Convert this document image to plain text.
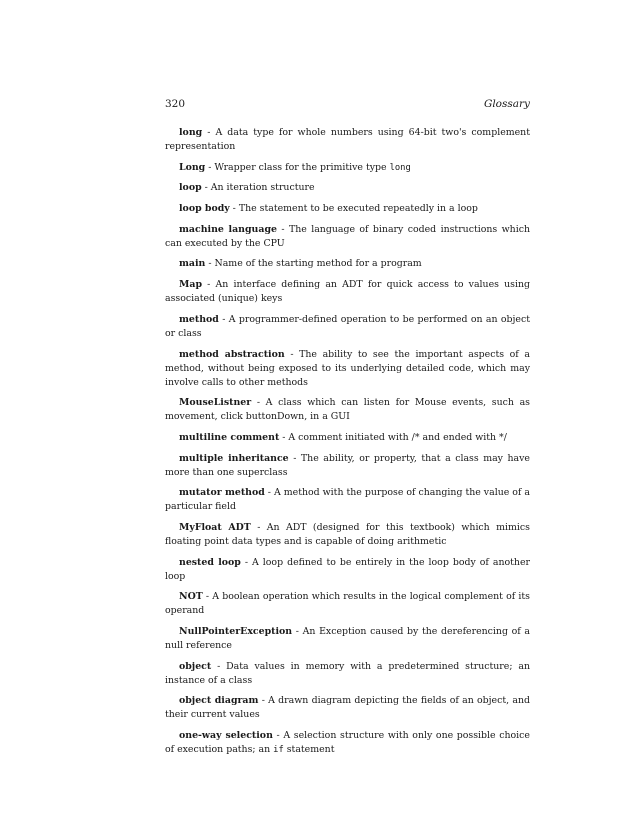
320	Glossary

long - A data type for whole numbers using 64-bit two's complement representation

Long - Wrapper class for the primitive type long

loop - An iteration structure

loop body - The statement to be executed repeatedly in a loop

machine language - The language of binary coded instructions which can executed by the CPU

main - Name of the starting method for a program

Map - An interface defining an ADT for quick access to values using associated (unique) keys

method - A programmer-defined operation to be performed on an object or class

method abstraction - The ability to see the important aspects of a method, without being exposed to its underlying detailed code, which may involve calls to other methods

MouseListner - A class which can listen for Mouse events, such as movement, click buttonDown, in a GUI

multiline comment - A comment initiated with /* and ended with */

multiple inheritance - The ability, or property, that a class may have more than one superclass

mutator method - A method with the purpose of changing the value of a particular field

MyFloat ADT - An ADT (designed for this textbook) which mimics floating point data types and is capable of doing arithmetic

nested loop - A loop defined to be entirely in the loop body of another loop

NOT - A boolean operation which results in the logical complement of its operand

NullPointerException - An Exception caused by the dereferencing of a null reference

object - Data values in memory with a predetermined structure; an instance of a class

object diagram - A drawn diagram depicting the fields of an object, and their current values

one-way selection - A selection structure with only one possible choice of execution paths; an if statement
